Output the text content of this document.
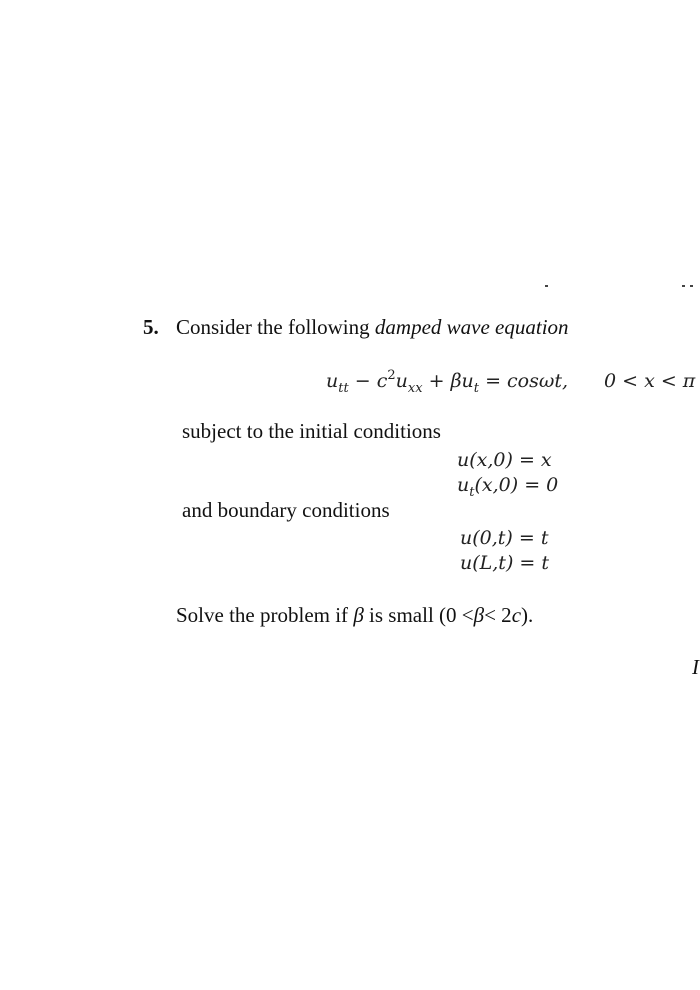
5. Consider the following damped wave equation
$u_{tt} - c^2u_{xx} + \beta u_t = \cos\omega t$, 0 < x < π
subject to the initial conditions
u(x,0) = x
$u_t(x,0) = 0$
and boundary conditions
u(0,t) = t
u(L,t) = t
Solve the problem if β is small (0 <β< 2c).
I
